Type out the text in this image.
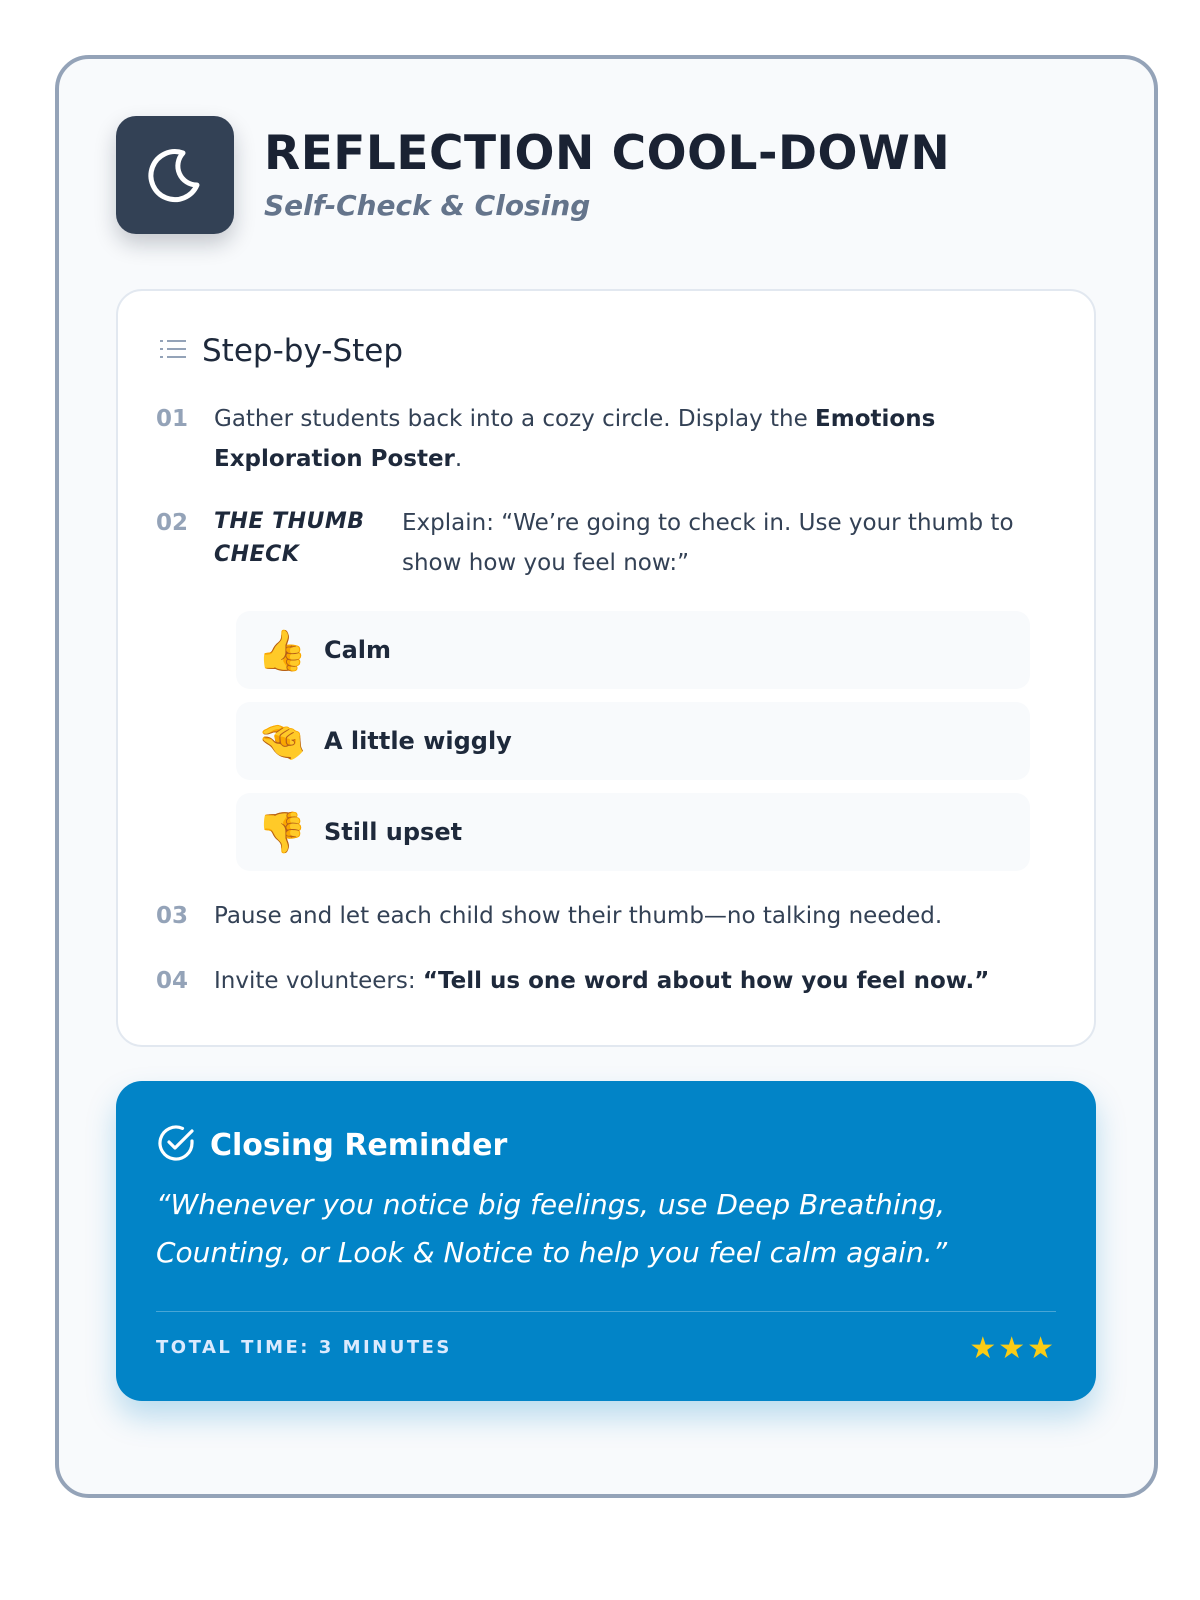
REFLECTION COOL-DOWN
Self-Check & Closing
Step-by-Step
01	Gather students back into a cozy circle. Display the Emotions Exploration Poster.
02	THE THUMB CHECK
Explain: “We’re going to check in. Use your thumb to show how you feel now:”
👍 Calm
🤏 A little wiggly
👎 Still upset
03	Pause and let each child show their thumb—no talking needed.
04	Invite volunteers: “Tell us one word about how you feel now.”
Closing Reminder
“Whenever you notice big feelings, use Deep Breathing, Counting, or Look & Notice to help you feel calm again.”
TOTAL TIME: 3 MINUTES	★★★
